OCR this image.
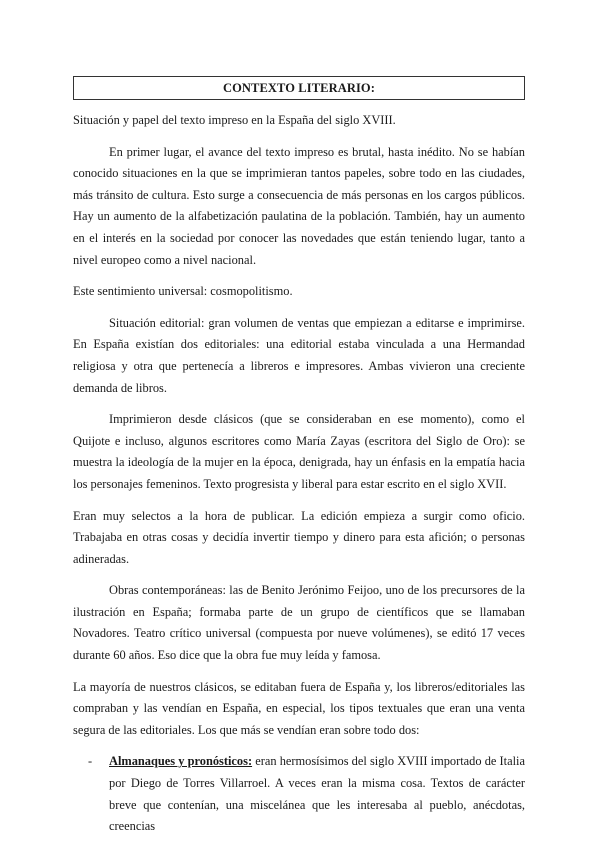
CONTEXTO LITERARIO:

Situación y papel del texto impreso en la España del siglo XVIII.

En primer lugar, el avance del texto impreso es brutal, hasta inédito. No se habían conocido situaciones en la que se imprimieran tantos papeles, sobre todo en las ciudades, más tránsito de cultura. Esto surge a consecuencia de más personas en los cargos públicos. Hay un aumento de la alfabetización paulatina de la población. También, hay un aumento en el interés en la sociedad por conocer las novedades que están teniendo lugar, tanto a nivel europeo como a nivel nacional.

Este sentimiento universal: cosmopolitismo.

Situación editorial: gran volumen de ventas que empiezan a editarse e imprimirse. En España existían dos editoriales: una editorial estaba vinculada a una Hermandad religiosa y otra que pertenecía a libreros e impresores. Ambas vivieron una creciente demanda de libros.

Imprimieron desde clásicos (que se consideraban en ese momento), como el Quijote e incluso, algunos escritores como María Zayas (escritora del Siglo de Oro): se muestra la ideología de la mujer en la época, denigrada, hay un énfasis en la empatía hacia los personajes femeninos. Texto progresista y liberal para estar escrito en el siglo XVII.

Eran muy selectos a la hora de publicar. La edición empieza a surgir como oficio. Trabajaba en otras cosas y decidía invertir tiempo y dinero para esta afición; o personas adineradas.

Obras contemporáneas: las de Benito Jerónimo Feijoo, uno de los precursores de la ilustración en España; formaba parte de un grupo de científicos que se llamaban Novadores. Teatro crítico universal (compuesta por nueve volúmenes), se editó 17 veces durante 60 años. Eso dice que la obra fue muy leída y famosa.

La mayoría de nuestros clásicos, se editaban fuera de España y, los libreros/editoriales las compraban y las vendían en España, en especial, los tipos textuales que eran una venta segura de las editoriales. Los que más se vendían eran sobre todo dos:

- Almanaques y pronósticos: eran hermosísimos del siglo XVIII importado de Italia por Diego de Torres Villarroel. A veces eran la misma cosa. Textos de carácter breve que contenían, una miscelánea que les interesaba al pueblo, anécdotas, creencias
